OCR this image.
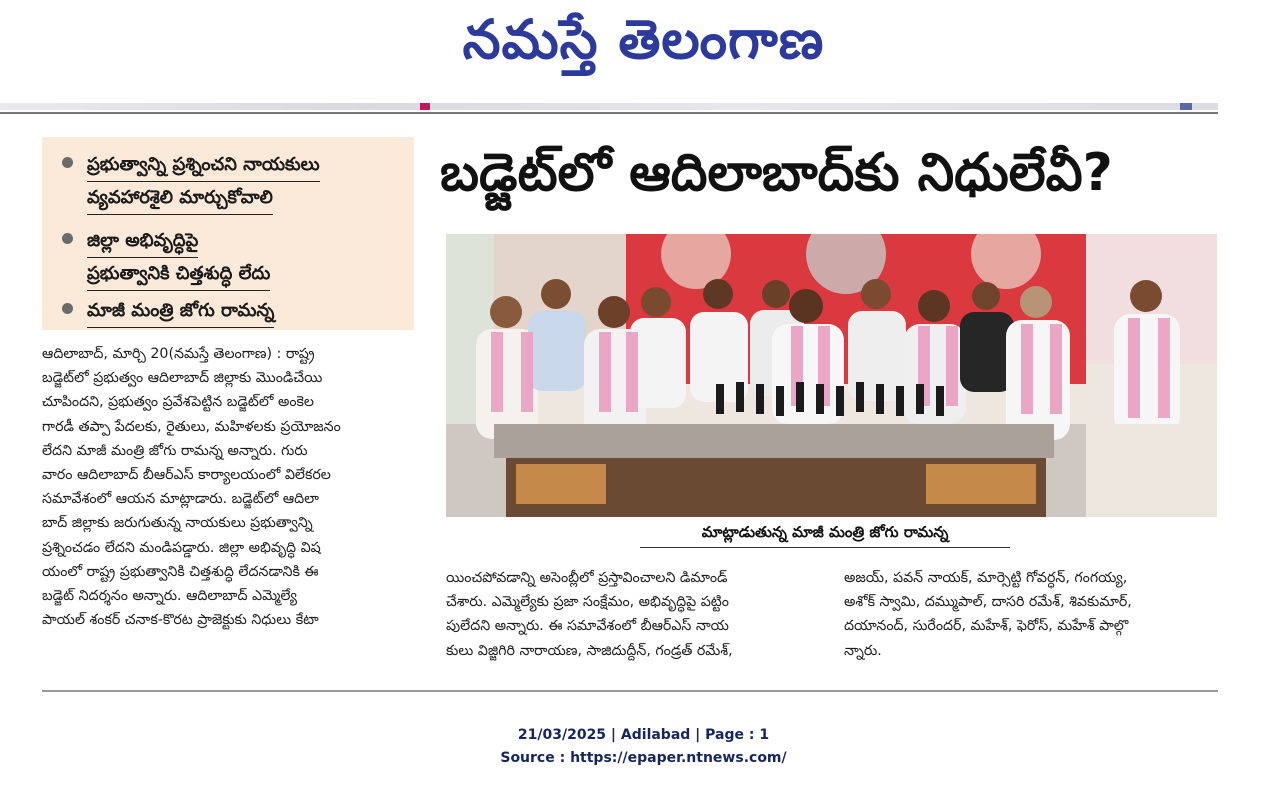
నమస్తే తెలంగాణ
ప్రభుత్వాన్ని ప్రశ్నించని నాయకులు
వ్యవహారశైలి మార్చుకోవాలి
జిల్లా అభివృద్ధిపై
ప్రభుత్వానికి చిత్తశుద్ధి లేదు
మాజీ మంత్రి జోగు రామన్న
బడ్జెట్‌లో ఆదిలాబాద్‌కు నిధులేవీ?
మాట్లాడుతున్న మాజీ మంత్రి జోగు రామన్న
ఆదిలాబాద్, మార్చి 20(నమస్తే తెలంగాణ) : రాష్ట్ర
బడ్జెట్‌లో ప్రభుత్వం ఆదిలాబాద్ జిల్లాకు మొండిచేయి
చూపిందని, ప్రభుత్వం ప్రవేశపెట్టిన బడ్జెట్‌లో అంకెల
గారడీ తప్పా పేదలకు, రైతులు, మహిళలకు ప్రయోజనం
లేదని మాజీ మంత్రి జోగు రామన్న అన్నారు. గురు
వారం ఆదిలాబాద్ బీఆర్‌ఎస్ కార్యాలయంలో విలేకరల
సమావేశంలో ఆయన మాట్లాడారు. బడ్జెట్‌లో ఆదిలా
బాద్ జిల్లాకు జరుగుతున్న నాయకులు ప్రభుత్వాన్ని
ప్రశ్నించడం లేదని మండిపడ్డారు. జిల్లా అభివృద్ధి విష
యంలో రాష్ట్ర ప్రభుత్వానికి చిత్తశుద్ధి లేదనడానికి ఈ
బడ్జెట్ నిదర్శనం అన్నారు. ఆదిలాబాద్ ఎమ్మెల్యే
పాయల్ శంకర్ చనాక-కొరట ప్రాజెక్టుకు నిధులు కేటా
యించపోవడాన్ని అసెంబ్లీలో ప్రస్తావించాలని డిమాండ్
చేశారు. ఎమ్మెల్యేకు ప్రజా సంక్షేమం, అభివృద్ధిపై పట్టిం
పులేదని అన్నారు. ఈ సమావేశంలో బీఆర్‌ఎస్ నాయ
కులు విజ్జిగిరి నారాయణ, సాజిదుద్దీన్, గండ్రత్ రమేశ్,
అజయ్, పవన్ నాయక్, మార్సెట్టి గోవర్ధన్, గంగయ్య,
అశోక్ స్వామి, దమ్ముపాల్, దాసరి రమేశ్, శివకుమార్,
దయానంద్, సురేందర్, మహేశ్, ఫెరోస్, మహేశ్ పాల్గొ
న్నారు.
21/03/2025 | Adilabad | Page : 1
Source : https://epaper.ntnews.com/
